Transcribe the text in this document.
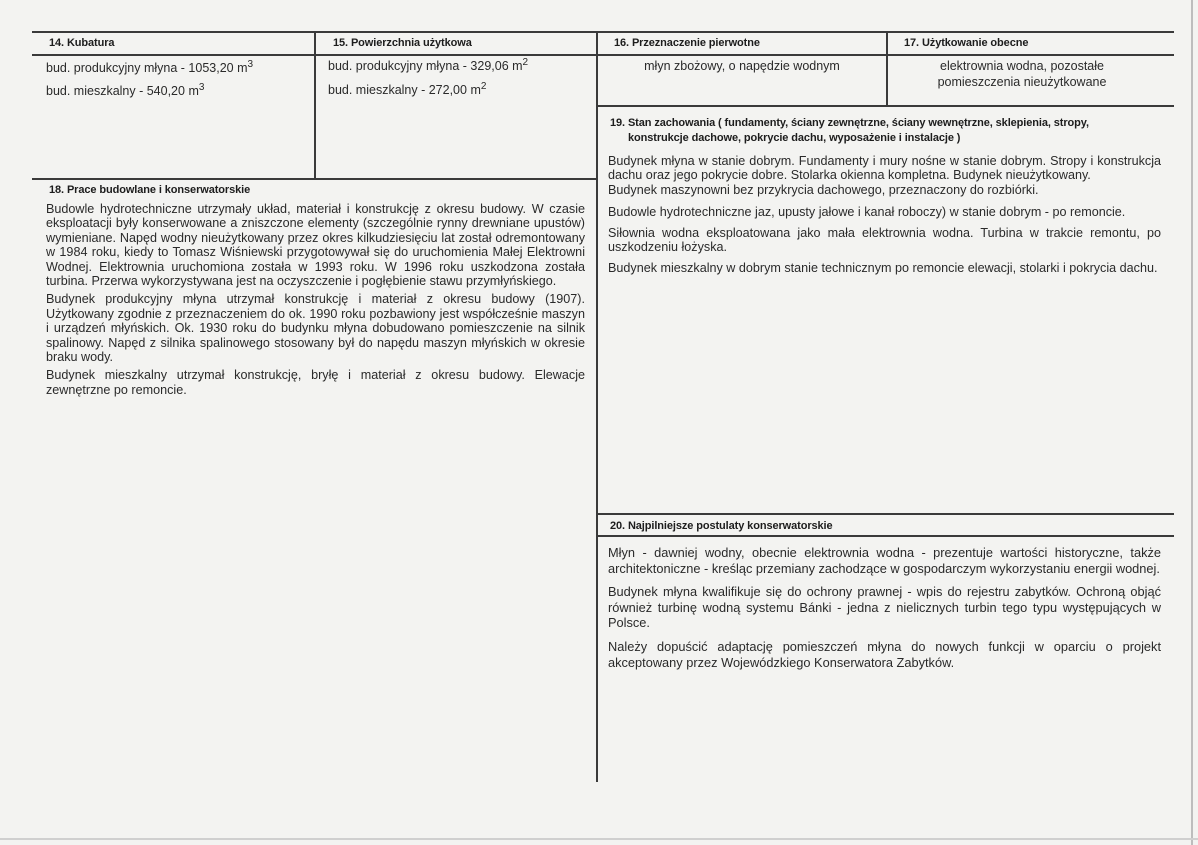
14. Kubatura
bud. produkcyjny młyna - 1053,20 $m^3$
bud. mieszkalny - 540,20 $m^3$
15. Powierzchnia użytkowa
bud. produkcyjny młyna - 329,06 $m^2$
bud. mieszkalny - 272,00 $m^2$
16. Przeznaczenie pierwotne
młyn zbożowy, o napędzie wodnym
17. Użytkowanie obecne
elektrownia wodna, pozostałe
pomieszczenia nieużytkowane
19. Stan zachowania ( fundamenty, ściany zewnętrzne, ściany wewnętrzne, sklepienia, stropy,
konstrukcje dachowe, pokrycie dachu, wyposażenie i instalacje )

Budynek młyna w stanie dobrym. Fundamenty i mury nośne w stanie dobrym. Stropy i konstrukcja dachu oraz jego pokrycie dobre. Stolarka okienna kompletna. Budynek nieużytkowany.

Budynek maszynowni bez przykrycia dachowego, przeznaczony do rozbiórki.

Budowle hydrotechniczne jaz, upusty jałowe i kanał roboczy) w stanie dobrym - po remoncie.

Siłownia wodna eksploatowana jako mała elektrownia wodna. Turbina w trakcie remontu, po uszkodzeniu łożyska.

Budynek mieszkalny w dobrym stanie technicznym po remoncie elewacji, stolarki i pokrycia dachu.

18. Prace budowlane i konserwatorskie

Budowle hydrotechniczne utrzymały układ, materiał i konstrukcję z okresu budowy. W czasie eksploatacji były konserwowane a zniszczone elementy (szczególnie rynny drewniane upustów) wymieniane. Napęd wodny nieużytkowany przez okres kilkudziesięciu lat został odremontowany w 1984 roku, kiedy to Tomasz Wiśniewski przygotowywał się do uruchomienia Małej Elektrowni Wodnej. Elektrownia uruchomiona została w 1993 roku. W 1996 roku uszkodzona została turbina. Przerwa wykorzystywana jest na oczyszczenie i pogłębienie stawu przymłyńskiego.

Budynek produkcyjny młyna utrzymał konstrukcję i materiał z okresu budowy (1907). Użytkowany zgodnie z przeznaczeniem do ok. 1990 roku pozbawiony jest współcześnie maszyn i urządzeń młyńskich. Ok. 1930 roku do budynku młyna dobudowano pomieszczenie na silnik spalinowy. Napęd z silnika spalinowego stosowany był do napędu maszyn młyńskich w okresie braku wody.

Budynek mieszkalny utrzymał konstrukcję, bryłę i materiał z okresu budowy. Elewacje zewnętrzne po remoncie.

20. Najpilniejsze postulaty konserwatorskie

Młyn - dawniej wodny, obecnie elektrownia wodna - prezentuje wartości historyczne, także architektoniczne - kreśląc przemiany zachodzące w gospodarczym wykorzystaniu energii wodnej.

Budynek młyna kwalifikuje się do ochrony prawnej - wpis do rejestru zabytków. Ochroną objąć również turbinę wodną systemu Bánki - jedna z nielicznych turbin tego typu występujących w Polsce.

Należy dopuścić adaptację pomieszczeń młyna do nowych funkcji w oparciu o projekt akceptowany przez Wojewódzkiego Konserwatora Zabytków.
